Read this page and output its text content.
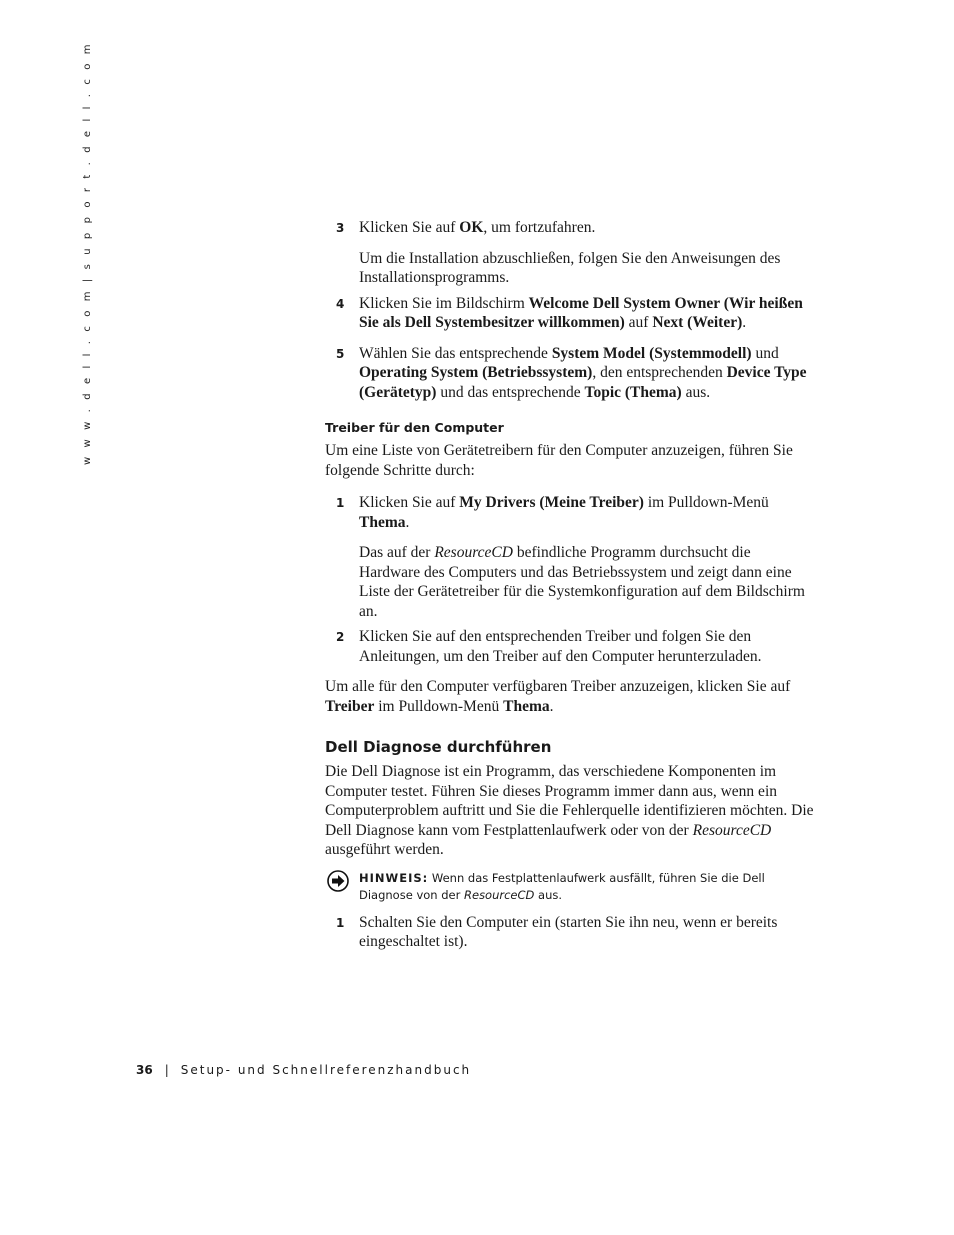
w w w . d e l l . c o m | s u p p o r t . d e l l . c o m	3 Klicken Sie auf OK, um fortzufahren.

Um die Installation abzuschließen, folgen Sie den Anweisungen des Installationsprogramms.

4 Klicken Sie im Bildschirm Welcome Dell System Owner (Wir heißen Sie als Dell Systembesitzer willkommen) auf Next (Weiter).

5 Wählen Sie das entsprechende System Model (Systemmodell) und Operating System (Betriebssystem), den entsprechenden Device Type (Gerätetyp) und das entsprechende Topic (Thema) aus.

Treiber für den Computer

Um eine Liste von Gerätetreibern für den Computer anzuzeigen, führen Sie folgende Schritte durch:

1 Klicken Sie auf My Drivers (Meine Treiber) im Pulldown-Menü Thema.

Das auf der ResourceCD befindliche Programm durchsucht die Hardware des Computers und das Betriebssystem und zeigt dann eine Liste der Gerätetreiber für die Systemkonfiguration auf dem Bildschirm an.

2 Klicken Sie auf den entsprechenden Treiber und folgen Sie den Anleitungen, um den Treiber auf den Computer herunterzuladen.

Um alle für den Computer verfügbaren Treiber anzuzeigen, klicken Sie auf Treiber im Pulldown-Menü Thema.

Dell Diagnose durchführen

Die Dell Diagnose ist ein Programm, das verschiedene Komponenten im Computer testet. Führen Sie dieses Programm immer dann aus, wenn ein Computerproblem auftritt und Sie die Fehlerquelle identifizieren möchten. Die Dell Diagnose kann vom Festplattenlaufwerk oder von der ResourceCD ausgeführt werden.

HINWEIS: Wenn das Festplattenlaufwerk ausfällt, führen Sie die Dell Diagnose von der ResourceCD aus.

1 Schalten Sie den Computer ein (starten Sie ihn neu, wenn er bereits eingeschaltet ist).

36 | Setup- und Schnellreferenzhandbuch
